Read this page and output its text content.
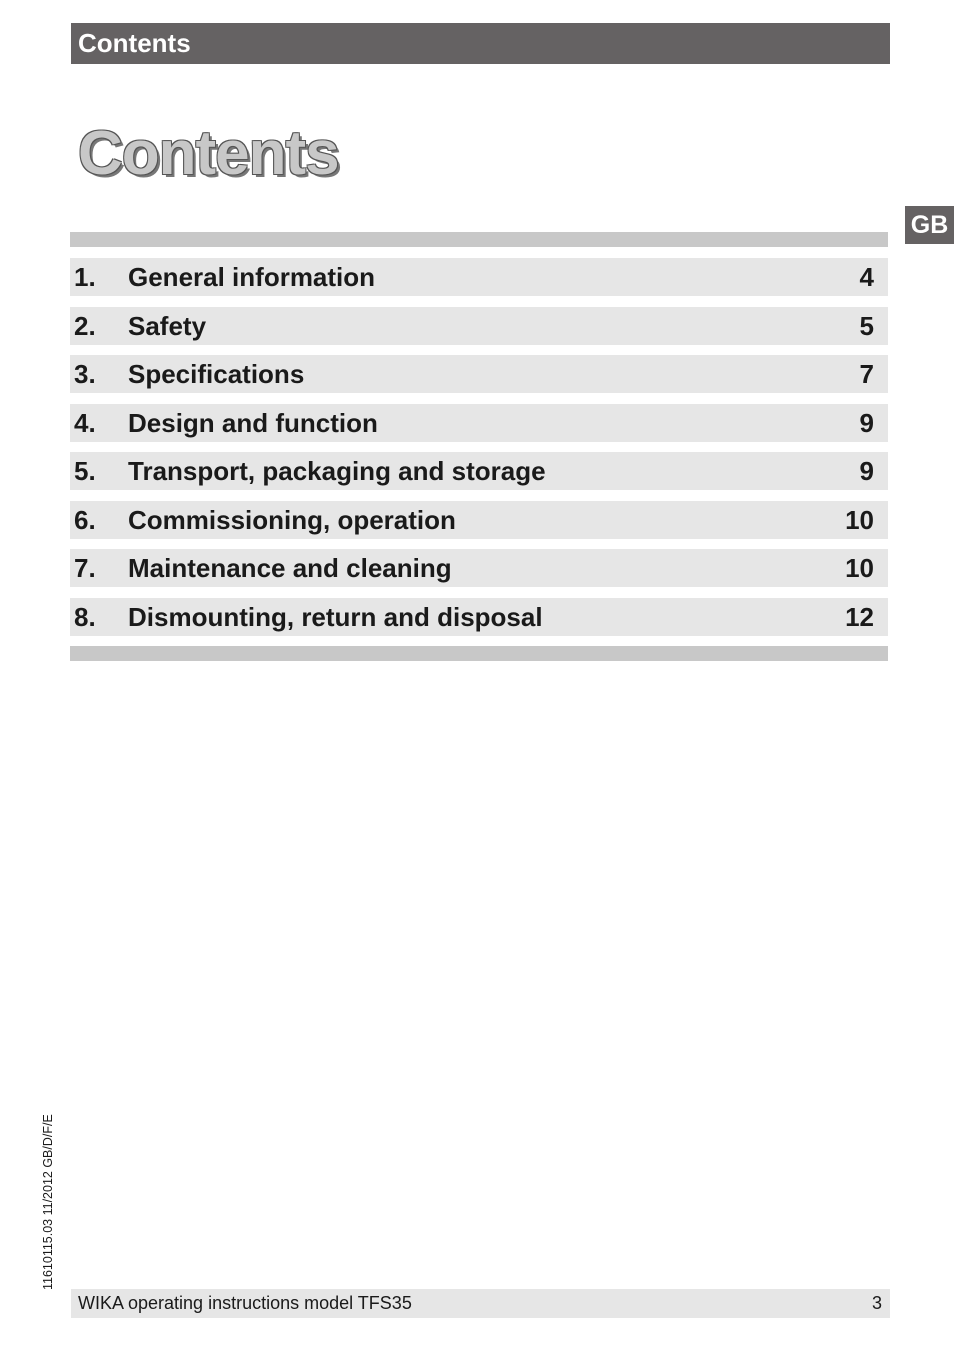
Contents
Contents
GB
1. General information	4
2. Safety	5
3. Specifications	7
4. Design and function	9
5. Transport, packaging and storage	9
6. Commissioning, operation	10
7. Maintenance and cleaning	10
8. Dismounting, return and disposal	12
11610115.03 11/2012 GB/D/F/E
WIKA operating instructions model TFS35	3
